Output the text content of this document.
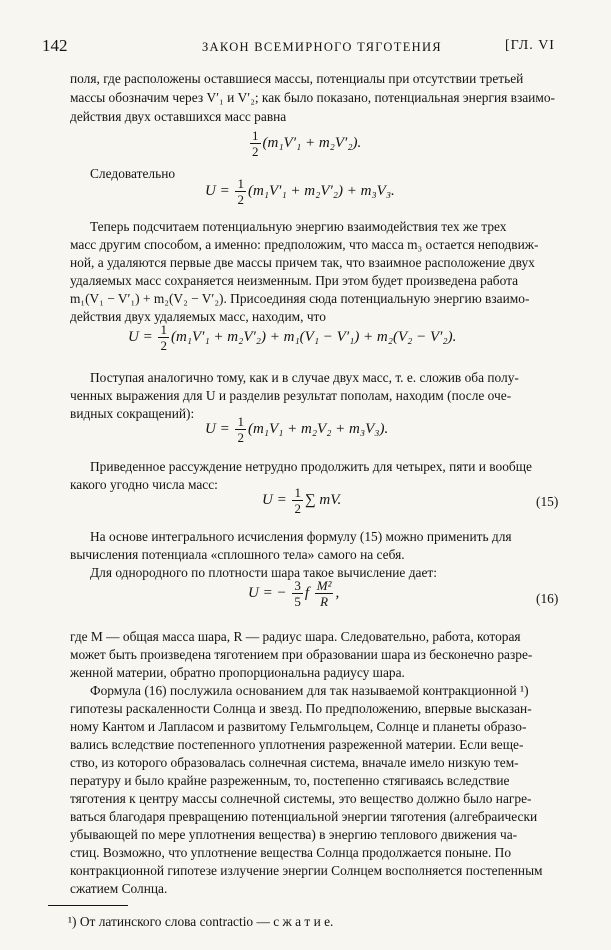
142	ЗАКОН ВСЕМИРНОГО ТЯГОТЕНИЯ	[ГЛ. VI
поля, где расположены оставшиеся массы, потенциалы при отсутствии третьей
массы обозначим через V′₁ и V′₂; как было показано, потенциальная энергия взаимо-
действия двух оставшихся масс равна
$\frac{1}{2} (m_1V'_1 + m_2V'_2)$.
Следовательно
$U = \frac{1}{2} (m_1V'_1 + m_2V'_2) + m_3V_3$.
Теперь подсчитаем потенциальную энергию взаимодействия тех же трех
масс другим способом, а именно: предположим, что масса m₃ остается неподвиж-
ной, а удаляются первые две массы причем так, что взаимное расположение двух
удаляемых масс сохраняется неизменным. При этом будет произведена работа
m₁(V₁ − V′₁) + m₂(V₂ − V′₂). Присоединяя сюда потенциальную энергию взаимо-
действия двух удаляемых масс, находим, что
$U = \frac{1}{2} (m_1V'_1 + m_2V'_2) + m_1(V_1 - V'_1) + m_2(V_2 - V'_2)$.
Поступая аналогично тому, как и в случае двух масс, т. е. сложив оба полу-
ченных выражения для U и разделив результат пополам, находим (после оче-
видных сокращений):
$U = \frac{1}{2} (m_1V_1 + m_2V_2 + m_3V_3)$.
Приведенное рассуждение нетрудно продолжить для четырех, пяти и вообще
какого угодно числа масс:
$U = \frac{1}{2}$ ∑ mV.	(15)
На основе интегрального исчисления формулу (15) можно применить для
вычисления потенциала «сплошного тела» самого на себя.
Для однородного по плотности шара такое вычисление дает:
U = − $\frac{3}{5}$ f $\frac{\text{M²}}{R}$ ,	(16)
где M — общая масса шара, R — радиус шара. Следовательно, работа, которая
может быть произведена тяготением при образовании шара из бесконечно разре-
женной материи, обратно пропорциональна радиусу шара.
Формула (16) послужила основанием для так называемой контракционной ¹)
гипотезы раскаленности Солнца и звезд. По предположению, впервые высказан-
ному Кантом и Лапласом и развитому Гельмгольцем, Солнце и планеты образо-
вались вследствие постепенного уплотнения разреженной материи. Если веще-
ство, из которого образовалась солнечная система, вначале имело низкую тем-
пературу и было крайне разреженным, то, постепенно стягиваясь вследствие
тяготения к центру массы солнечной системы, это вещество должно было нагре-
ваться благодаря превращению потенциальной энергии тяготения (алгебраически
убывающей по мере уплотнения вещества) в энергию теплового движения ча-
стиц. Возможно, что уплотнение вещества Солнца продолжается поныне. По
контракционной гипотезе излучение энергии Солнцем восполняется постепенным
сжатием Солнца.
¹) От латинского слова contractio — с ж а т и е.
